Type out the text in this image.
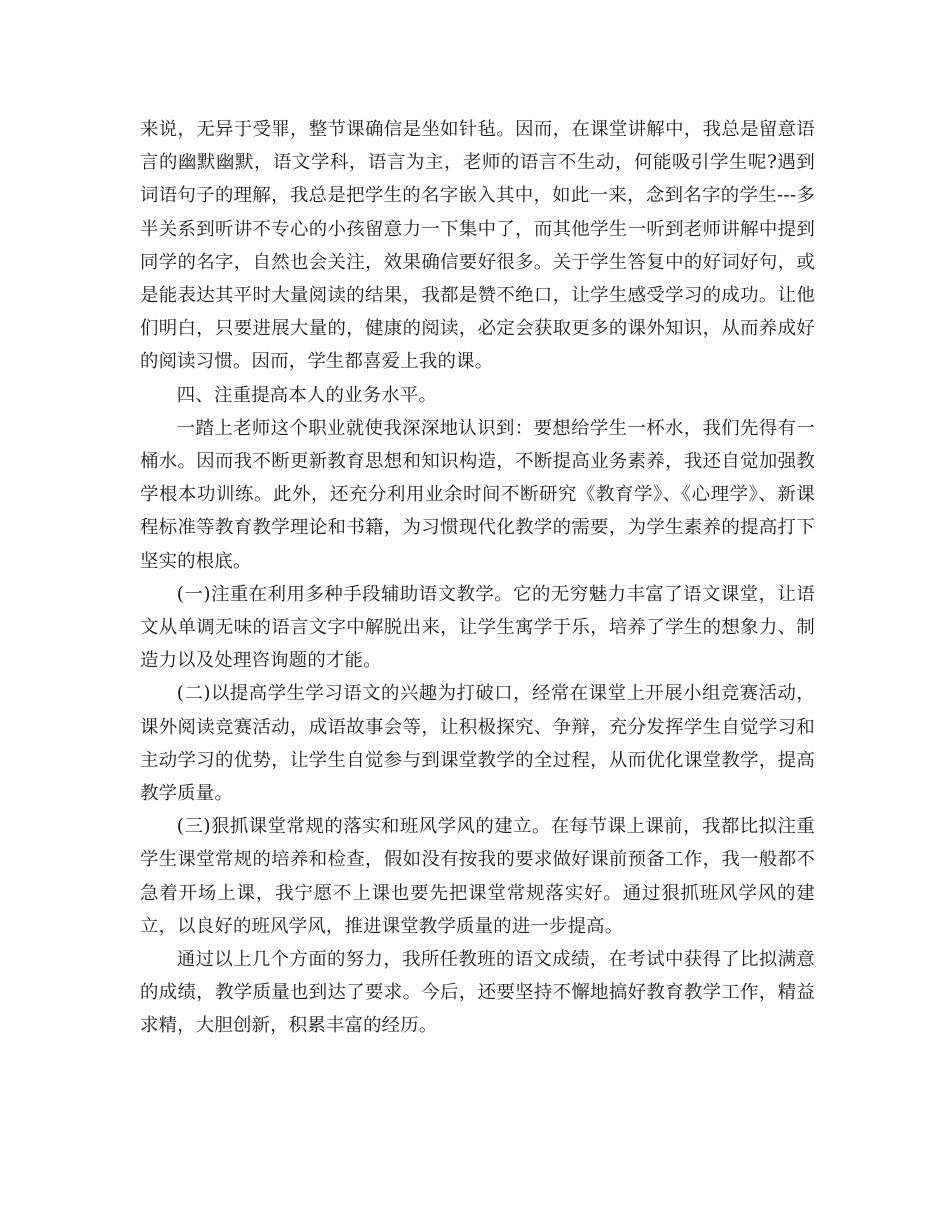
来说，无异于受罪，整节课确信是坐如针毡。因而，在课堂讲解中，我总是留意语言的幽默幽默，语文学科，语言为主，老师的语言不生动，何能吸引学生呢?遇到词语句子的理解，我总是把学生的名字嵌入其中，如此一来，念到名字的学生---多半关系到听讲不专心的小孩留意力一下集中了，而其他学生一听到老师讲解中提到同学的名字，自然也会关注，效果确信要好很多。关于学生答复中的好词好句，或是能表达其平时大量阅读的结果，我都是赞不绝口，让学生感受学习的成功。让他们明白，只要进展大量的，健康的阅读，必定会获取更多的课外知识，从而养成好的阅读习惯。因而，学生都喜爱上我的课。

四、注重提高本人的业务水平。

一踏上老师这个职业就使我深深地认识到：要想给学生一杯水，我们先得有一桶水。因而我不断更新教育思想和知识构造，不断提高业务素养，我还自觉加强教学根本功训练。此外，还充分利用业余时间不断研究《教育学》、《心理学》、新课程标准等教育教学理论和书籍，为习惯现代化教学的需要，为学生素养的提高打下坚实的根底。

(一)注重在利用多种手段辅助语文教学。它的无穷魅力丰富了语文课堂，让语文从单调无味的语言文字中解脱出来，让学生寓学于乐，培养了学生的想象力、制造力以及处理咨询题的才能。

(二)以提高学生学习语文的兴趣为打破口，经常在课堂上开展小组竞赛活动，课外阅读竞赛活动，成语故事会等，让积极探究、争辩，充分发挥学生自觉学习和主动学习的优势，让学生自觉参与到课堂教学的全过程，从而优化课堂教学，提高教学质量。

(三)狠抓课堂常规的落实和班风学风的建立。在每节课上课前，我都比拟注重学生课堂常规的培养和检查，假如没有按我的要求做好课前预备工作，我一般都不急着开场上课，我宁愿不上课也要先把课堂常规落实好。通过狠抓班风学风的建立，以良好的班风学风，推进课堂教学质量的进一步提高。

通过以上几个方面的努力，我所任教班的语文成绩，在考试中获得了比拟满意的成绩，教学质量也到达了要求。今后，还要坚持不懈地搞好教育教学工作，精益求精，大胆创新，积累丰富的经历。
